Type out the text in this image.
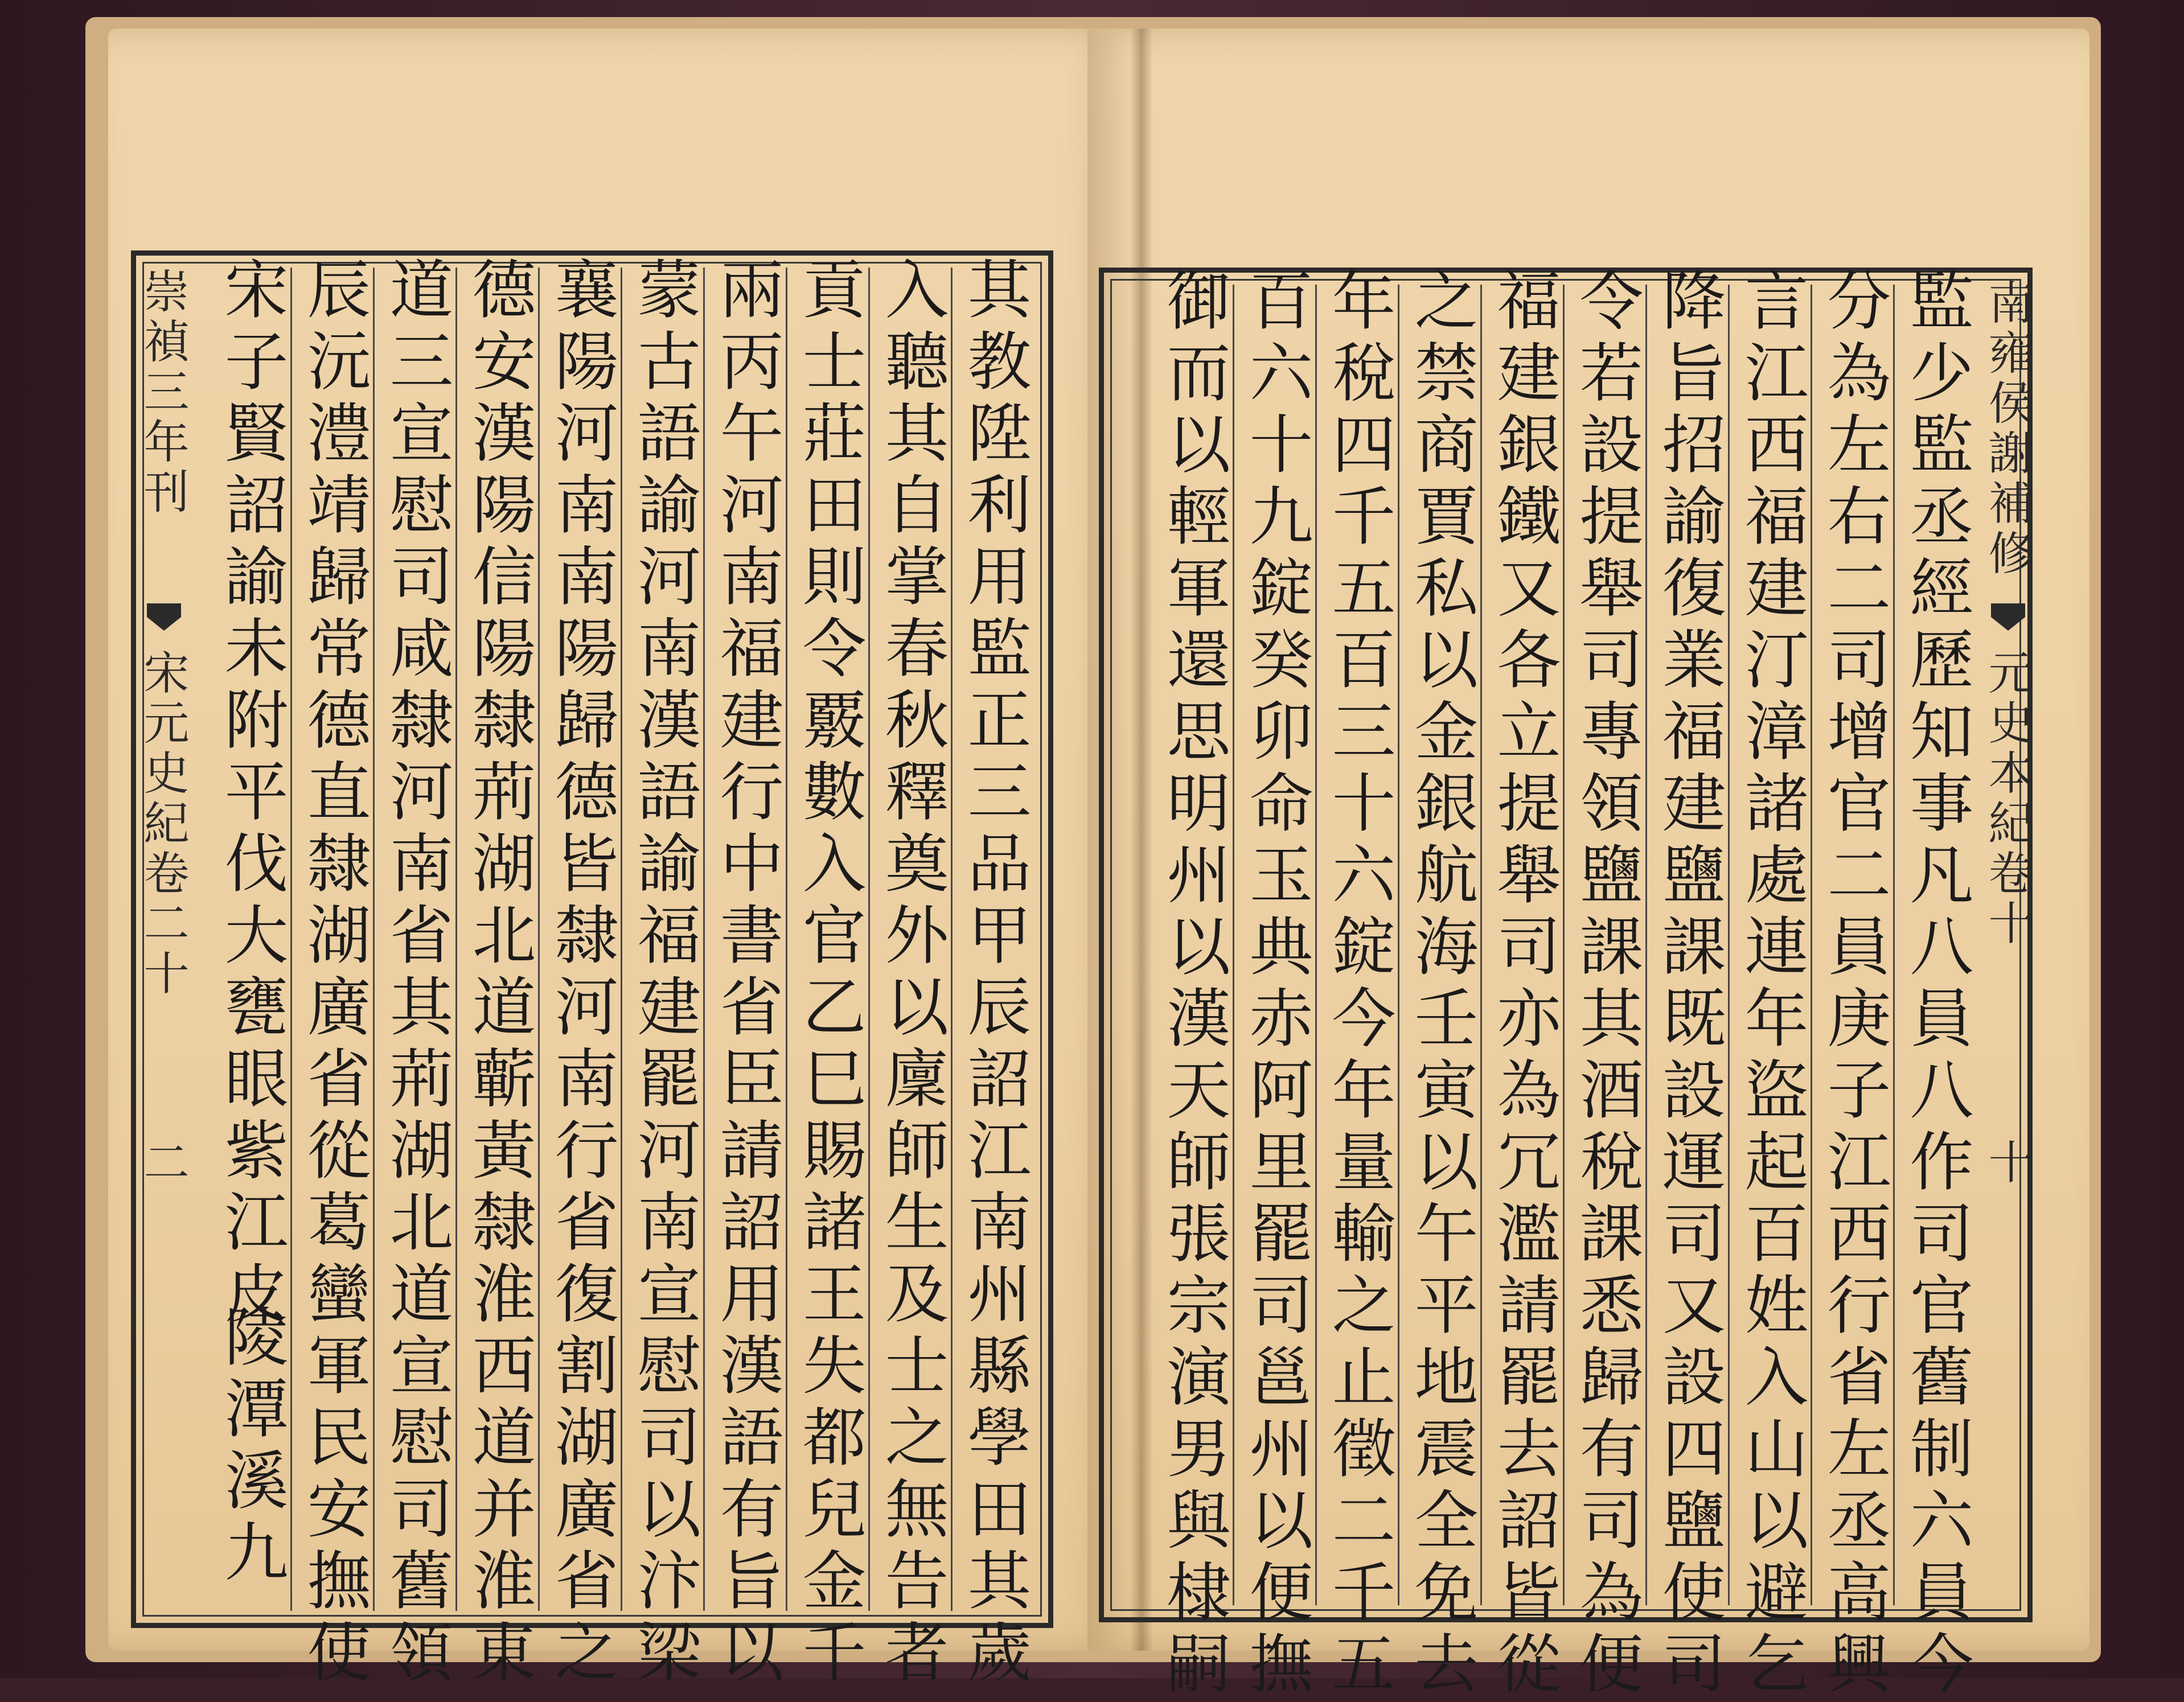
崇禎三年刊
宋元史紀卷二十
二
南雍侯謝補修
元史本紀卷十
十
其教陞利用監正三品甲辰詔江南州縣學田其歲
入聽其自掌春秋釋奠外以廩師生及士之無告者
貢士莊田則令覈數入官乙巳賜諸王失都兒金千
兩丙午河南福建行中書省臣請詔用漢語有旨以
蒙古語諭河南漢語諭福建罷河南宣慰司以汴梁
襄陽河南南陽歸德皆隸河南行省復割湖廣省之
德安漢陽信陽隸荊湖北道蘄黃隸淮西道并淮東
道三宣慰司咸隸河南省其荊湖北道宣慰司舊領
辰沅澧靖歸常德直隸湖廣省從葛蠻軍民安撫使
宋子賢詔諭未附平伐大甕眼紫江皮
陵潭溪九	監少監丞經歷知事凡八員八作司官舊制六員今
分為左右二司增官二員庚子江西行省左丞高興
言江西福建汀漳諸處連年盜起百姓入山以避乞
降旨招諭復業福建鹽課既設運司又設四鹽使司
令若設提舉司專領鹽課其酒稅課悉歸有司為便
福建銀鐵又各立提舉司亦為冗濫請罷去詔皆從
之禁商賈私以金銀航海壬寅以午平地震全免去
年稅四千五百三十六錠今年量輸之止徵二千五
百六十九錠癸卯命玉典赤阿里罷司邕州以便撫
御而以輕軍還思明州以漢天師張宗演男與棣嗣
